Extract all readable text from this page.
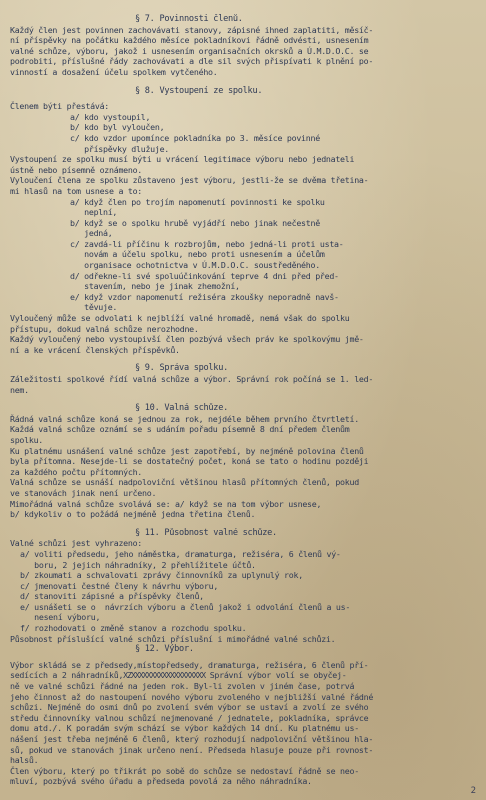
§ 7. Povinnosti členů.
Každý člen jest povinnen zachovávati stanovy, zápisné ihned zaplatiti, měsíč-
ní příspěvky na počátku každého měsíce pokladníkovi řádně odvésti, usnesením
valné schůze, výboru, jakož i usnesením organisačních okrsků a Ú.M.D.O.C. se
podrobiti, příslušné řády zachovávati a dle sil svých přispívati k plnění po-
vinností a dosažení účelu spolkem vytčeného.
§ 8. Vystoupení ze spolku.
Členem býti přestává:
a/ kdo vystoupil,
b/ kdo byl vyloučen,
c/ kdo vzdor upomínce pokladníka po 3. měsíce povinné
příspěvky dlužuje.
Vystoupení ze spolku musí býti u vrácení legitimace výboru nebo jednateli
ústně nebo písemně oznámeno.
Vyloučení člena ze spolku zůstaveno jest výboru, jestli-že se dvěma třetina-
mi hlasů na tom usnese a to:
a/ když člen po trojím napomenutí povinnosti ke spolku
neplní,
b/ když se o spolku hrubě vyjádří nebo jinak nečestně
jedná,
c/ zavdá-li příčinu k rozbrojům, nebo jedná-li proti usta-
novám a účelu spolku, nebo proti usnesením a účelům
organisace ochotnictva v Ú.M.D.O.C. soustředěného.
d/ odřekne-li své spoluúčinkování teprve 4 dni před před-
stavením, nebo je jinak zhemožní,
e/ když vzdor napomenutí režiséra zkoušky neporadně navš-
těvuje.
Vyloučený může se odvolati k nejblíží valné hromadě, nemá však do spolku
přístupu, dokud valná schůze nerozhodne.
Každý vyloučený nebo vystoupivší člen pozbývá všech práv ke spolkovýmu jmě-
ní a ke vrácení členských příspěvků.
§ 9. Správa spolku.
Záležitosti spolkové řídí valná schůze a výbor. Správní rok počíná se 1. led-
nem.
§ 10. Valná schůze.
Řádná valná schůze koná se jednou za rok, nejdéle během prvního čtvrtletí.
Každá valná schůze oznámí se s udáním pořadu písemně 8 dní předem členům
spolku.
Ku platnému usnášení valné schůze jest zapotřebí, by nejméně polovina členů
byla přítomna. Nesejde-li se dostatečný počet, koná se tato o hodinu později
za každého počtu přítomných.
Valná schůze se usnáší nadpoloviční většinou hlasů přítomných členů, pokud
ve stanovách jinak není určeno.
Mimořádná valná schůze svolává se: a/ když se na tom výbor usnese,
b/ kdykoliv o to požádá nejméně jedna třetina členů.
§ 11. Působnost valné schůze.
Valné schůzi jest vyhrazeno:
a/ voliti předsedu, jeho náměstka, dramaturga, režiséra, 6 členů vý-
boru, 2 jejich náhradníky, 2 přehlížitele účtů.
b/ zkoumati a schvalovati zprávy činnovníků za uplynulý rok,
c/ jmenovati čestné členy k návrhu výboru,
d/ stanoviti zápisné a příspěvky členů,
e/ usnášeti se o  návrzích výboru a členů jakož i odvolání členů a us-
nesení výboru,
f/ rozhodovati o změně stanov a rozchodu spolku.
Působnost příslušící valné schůzi příslušní i mimořádné valné schůzi.
§ 12. Výbor.
Výbor skládá se z předsedy,místopředsedy, dramaturga, režiséra, 6 členů pří-
sedících a 2 náhradníků,XZXXXXXXXXXXXXXXXXXXX Správní výbor volí se obyčej-
ně ve valné schůzi řádné na jeden rok. Byl-li zvolen v jiném čase, potrvá
jeho činnost až do nastoupení nového výboru zvoleného v nejbližší valné řádné
schůzi. Nejméně do osmi dnů po zvolení svém výbor se ustaví a zvolí ze svého
středu činnovníky valnou schůzí nejmenované / jednatele, pokladníka, správce
domu atd./. K poradám svým schází se výbor každých 14 dní. Ku platnému us-
nášení jest třeba nejméně 6 členů, který rozhodují nadpoloviční většinou hla-
sů, pokud ve stanovách jinak určeno není. Předseda hlasuje pouze při rovnost-
halsů.
Člen výboru, který po třikrát po sobě do schůze se nedostaví řádně se neo-
mluví, pozbývá svého úřadu a předseda povolá za něho náhradníka.
2
